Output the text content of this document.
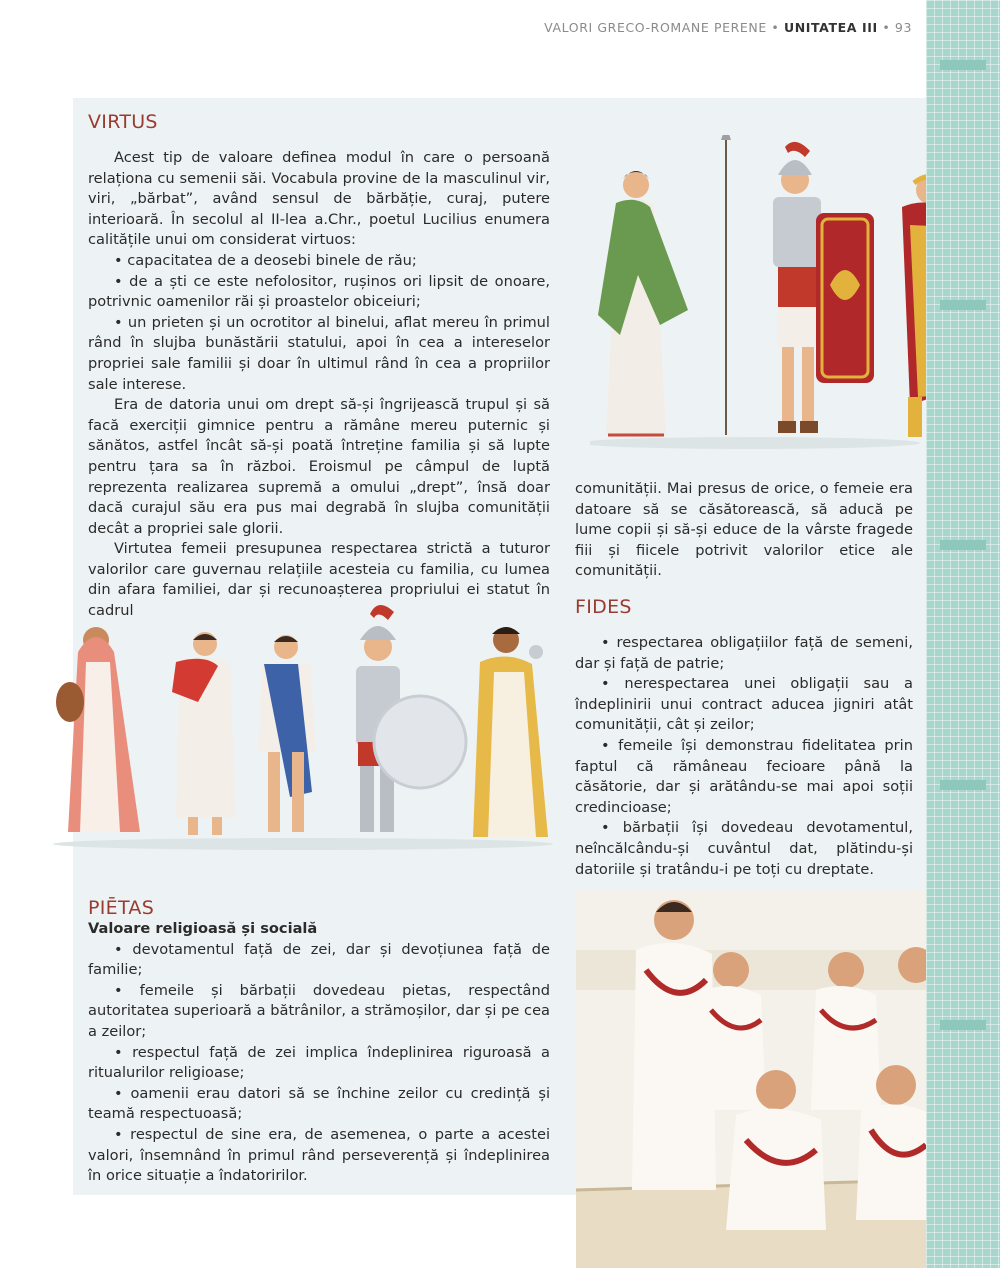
VALORI GRECO-ROMANE PERENE • UNITATEA III • 93
VIRTUS

Acest tip de valoare definea modul în care o persoană relaționa cu semenii săi. Vocabula provine de la masculinul vir, viri, „bărbat”, având sensul de bărbăție, curaj, putere interioară. În secolul al II-lea a.Chr., poetul Lucilius enumera calitățile unui om considerat virtuos:

• capacitatea de a deosebi binele de rău;

• de a ști ce este nefolositor, rușinos ori lipsit de onoare, potrivnic oamenilor răi și proastelor obiceiuri;

• un prieten și un ocrotitor al binelui, aflat mereu în primul rând în slujba bunăstării statului, apoi în cea a intereselor propriei sale familii și doar în ultimul rând în cea a propriilor sale interese.

Era de datoria unui om drept să-și îngrijească trupul și să facă exerciții gimnice pentru a rămâne mereu puternic și sănătos, astfel încât să-și poată întreține familia și să lupte pentru țara sa în război. Eroismul pe câmpul de luptă reprezenta realizarea supremă a omului „drept”, însă doar dacă curajul său era pus mai degrabă în slujba comunității decât a propriei sale glorii.

Virtutea femeii presupunea respectarea strictă a tuturor valorilor care guvernau relațiile acesteia cu familia, cu lumea din afara familiei, dar și recunoașterea propriului ei statut în cadrul

comunității. Mai presus de orice, o femeie era datoare să se căsătorească, să aducă pe lume copii și să-și educe de la vârste fragede fiii și fiicele potrivit valorilor etice ale comunității.

FIDES

• respectarea obligațiilor față de semeni, dar și față de patrie;

• nerespectarea unei obligații sau a îndeplinirii unui contract aducea jigniri atât comunității, cât și zeilor;

• femeile își demonstrau fidelitatea prin faptul că rămâneau fecioare până la căsătorie, dar și arătându-se mai apoi soții credincioase;

• bărbații își dovedeau devotamentul, neîncălcându-și cuvântul dat, plătindu-și datoriile și tratându-i pe toți cu dreptate.

PIĒTAS

Valoare religioasă și socială

• devotamentul față de zei, dar și devoțiunea față de familie;

• femeile și bărbații dovedeau pietas, respectând autoritatea superioară a bătrânilor, a strămoșilor, dar și pe cea a zeilor;

• respectul față de zei implica îndeplinirea riguroasă a ritualurilor religioase;

• oamenii erau datori să se închine zeilor cu credință și teamă respectuoasă;

• respectul de sine era, de asemenea, o parte a acestei valori, însemnând în primul rând perseverență și îndeplinirea în orice situație a îndatoririlor.
